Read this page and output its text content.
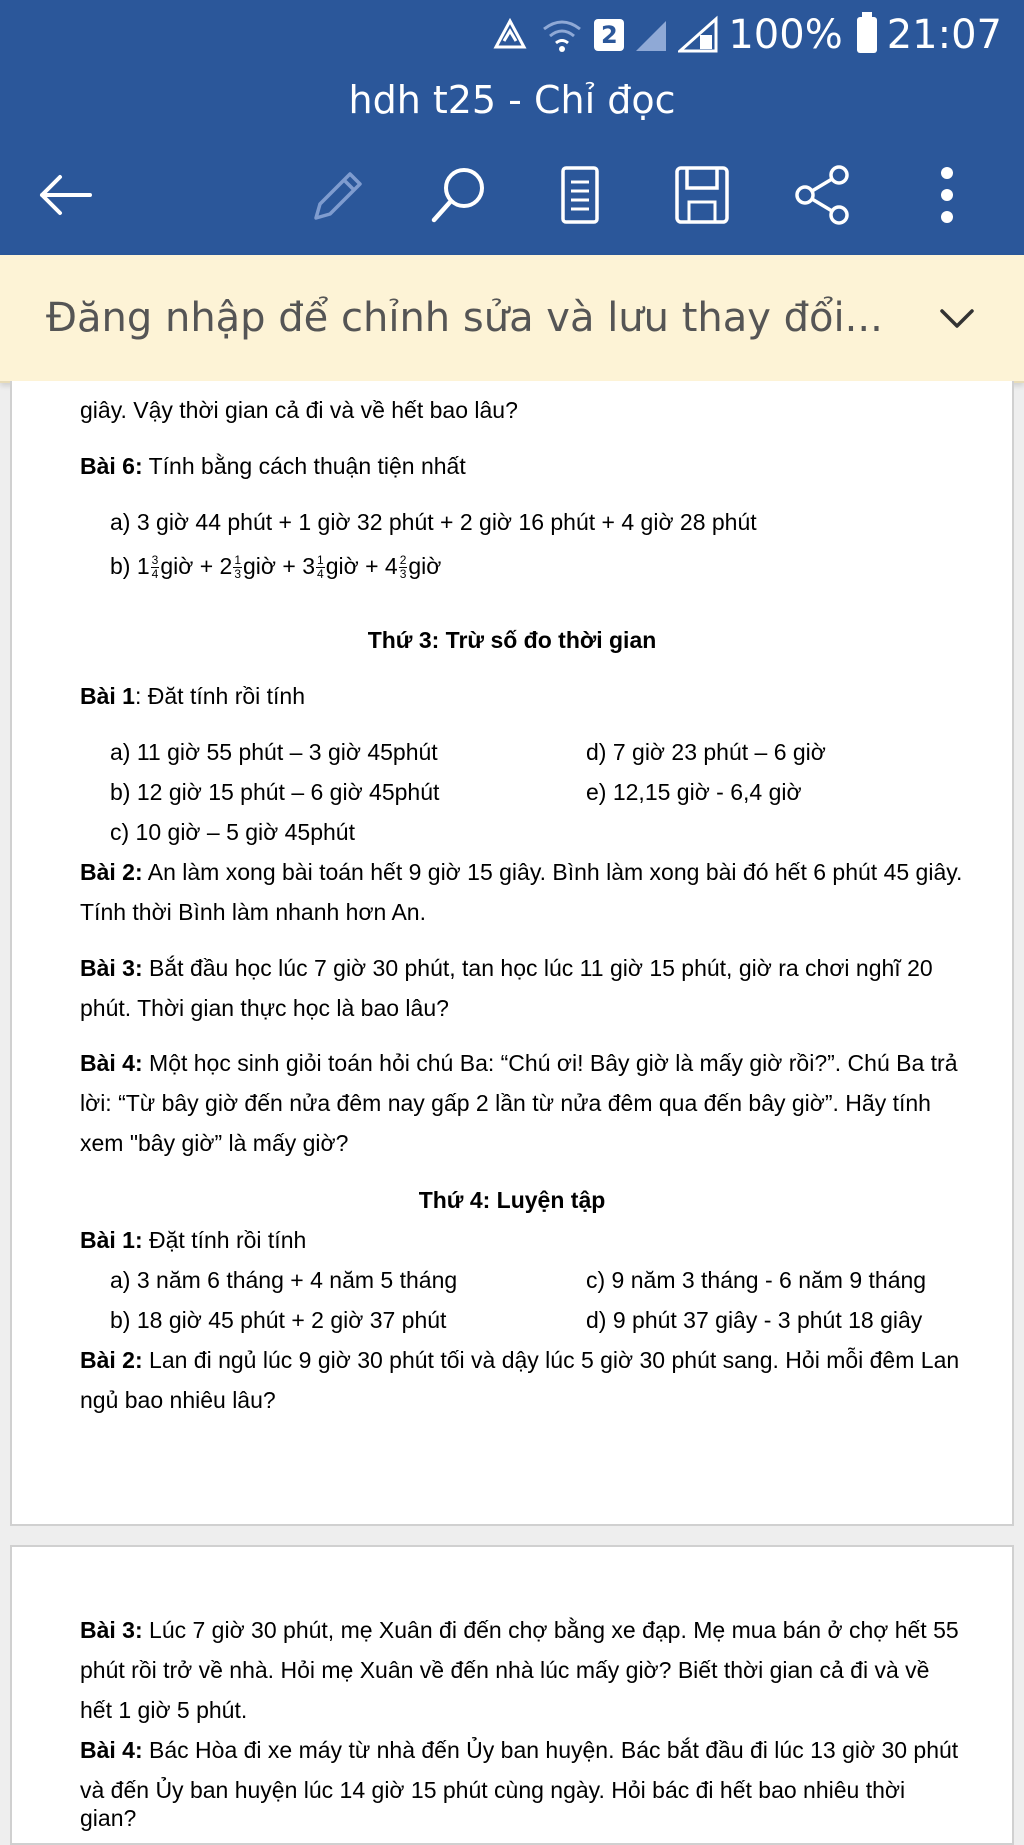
2	100% 21:07
hdh t25 - Chỉ đọc
Đăng nhập để chỉnh sửa và lưu thay đổi...
giây. Vậy thời gian cả đi và về hết bao lâu?
Bài 6: Tính bằng cách thuận tiện nhất
a) 3 giờ 44 phút + 1 giờ 32 phút + 2 giờ 16 phút + 4 giờ 28 phút
b) $1 \frac{3}{4}$ giờ + $2 \frac{1}{3}$ giờ + $3 \frac{1}{4}$ giờ + $4 \frac{2}{3}$ giờ
Thứ 3: Trừ số đo thời gian
Bài 1: Đăt tính rồi tính
a) 11 giờ 55 phút – 3 giờ 45phút	d) 7 giờ 23 phút – 6 giờ
b) 12 giờ 15 phút – 6 giờ 45phút	e) 12,15 giờ - 6,4 giờ
c) 10 giờ – 5 giờ 45phút
Bài 2: An làm xong bài toán hết 9 giờ 15 giây. Bình làm xong bài đó hết 6 phút 45 giây.
Tính thời Bình làm nhanh hơn An.
Bài 3: Bắt đầu học lúc 7 giờ 30 phút, tan học lúc 11 giờ 15 phút, giờ ra chơi nghĩ 20
phút. Thời gian thực học là bao lâu?
Bài 4: Một học sinh giỏi toán hỏi chú Ba: “Chú ơi! Bây giờ là mấy giờ rồi?”. Chú Ba trả
lời: “Từ bây giờ đến nửa đêm nay gấp 2 lần từ nửa đêm qua đến bây giờ”. Hãy tính
xem "bây giờ” là mấy giờ?
Thứ 4: Luyện tập
Bài 1: Đặt tính rồi tính
a) 3 năm 6 tháng + 4 năm 5 tháng	c) 9 năm 3 tháng - 6 năm 9 tháng
b) 18 giờ 45 phút + 2 giờ 37 phút	d) 9 phút 37 giây - 3 phút 18 giây
Bài 2: Lan đi ngủ lúc 9 giờ 30 phút tối và dậy lúc 5 giờ 30 phút sang. Hỏi mỗi đêm Lan
ngủ bao nhiêu lâu?
Bài 3: Lúc 7 giờ 30 phút, mẹ Xuân đi đến chợ bằng xe đạp. Mẹ mua bán ở chợ hết 55
phút rồi trở về nhà. Hỏi mẹ Xuân về đến nhà lúc mấy giờ? Biết thời gian cả đi và về
hết 1 giờ 5 phút.
Bài 4: Bác Hòa đi xe máy từ nhà đến Ủy ban huyện. Bác bắt đầu đi lúc 13 giờ 30 phút
và đến Ủy ban huyện lúc 14 giờ 15 phút cùng ngày. Hỏi bác đi hết bao nhiêu thời
gian?
